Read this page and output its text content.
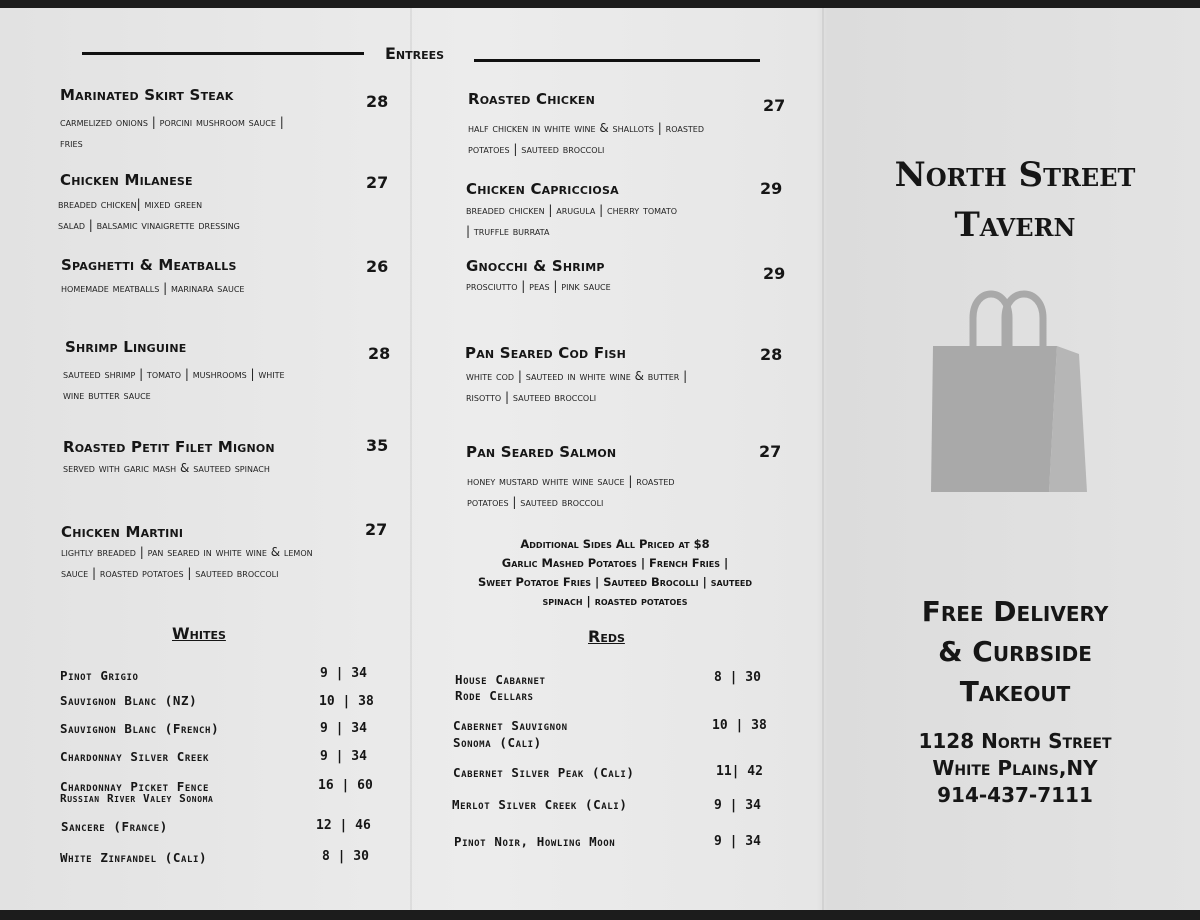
Entrees
Marinated Skirt Steak	28
carmelized onions | porcini mushroom sauce |
fries
Chicken Milanese	27
breaded chicken| mixed green
salad | balsamic vinaigrette dressing
Spaghetti & Meatballs	26
homemade meatballs | marinara sauce
Shrimp Linguine	28
sauteed shrimp | tomato | mushrooms | white
wine butter sauce
Roasted Petit Filet Mignon	35
served with garic mash & sauteed spinach
Chicken Martini	27
lightly breaded | pan seared in white wine & lemon
sauce | roasted potatoes | sauteed broccoli
Roasted Chicken	27
half chicken in white wine & shallots | roasted
potatoes | sauteed broccoli
Chicken Capricciosa	29
breaded chicken | arugula | cherry tomato
| truffle burrata
Gnocchi & Shrimp	29
prosciutto | peas | pink sauce
Pan Seared Cod Fish	28
white cod | sauteed in white wine & butter |
risotto | sauteed broccoli
Pan Seared Salmon	27
honey mustard white wine sauce | roasted
potatoes | sauteed broccoli
Additional Sides All Priced at $8
Garlic Mashed Potatoes | French Fries |
Sweet Potatoe Fries | Sauteed Brocolli | sauteed
spinach | roasted potatoes
Whites
Pinot Grigio	9 | 34
Sauvignon Blanc (NZ)	10 | 38
Sauvignon Blanc (French)	9 | 34
Chardonnay Silver Creek	9 | 34
Chardonnay Picket Fence
Russian River Valey Sonoma
16 | 60
Sancere (France)	12 | 46
White Zinfandel (Cali)	8 | 30
Reds
House Cabarnet
Rode Cellars
8 | 30
Cabernet Sauvignon
Sonoma (Cali)
10 | 38
Cabernet Silver Peak (Cali)	11| 42
Merlot Silver Creek (Cali)	9 | 34
Pinot Noir, Howling Moon	9 | 34
North Street
Tavern
Free Delivery
& Curbside
Takeout
1128 North Street
White Plains,NY
914-437-7111
